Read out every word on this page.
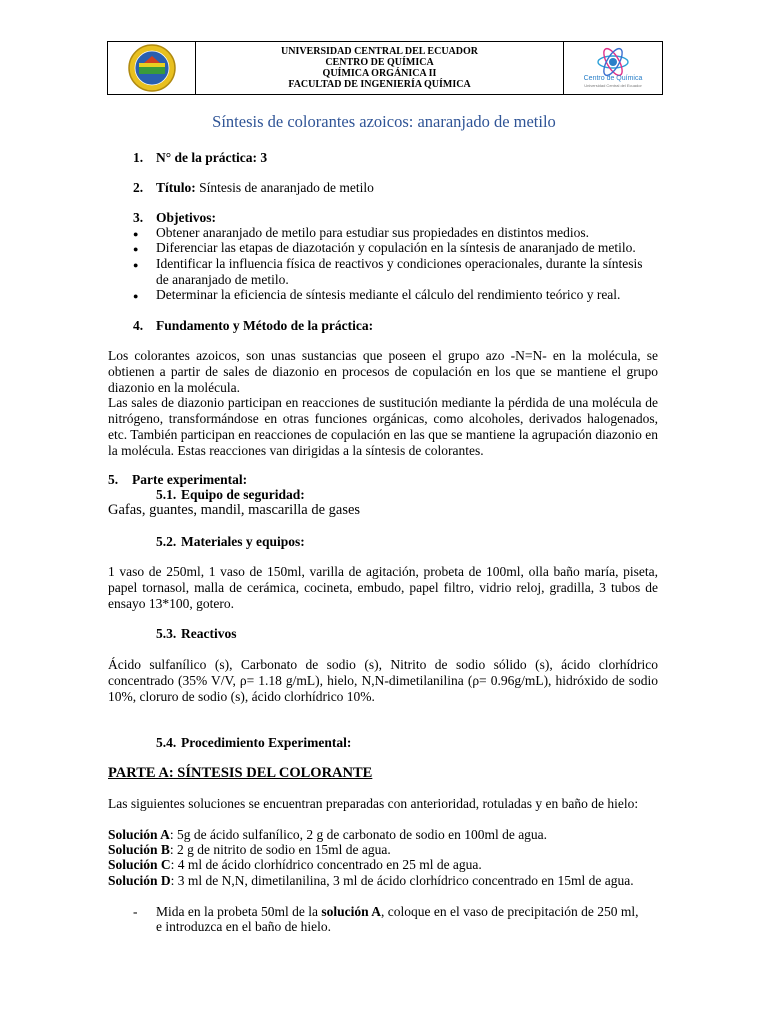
UNIVERSIDAD CENTRAL DEL ECUADOR
CENTRO DE QUÍMICA
QUÍMICA ORGÁNICA II
FACULTAD DE INGENIERÍA QUÍMICA
Centro de Química
Universidad Central del Ecuador
Síntesis de colorantes azoicos: anaranjado de metilo
1. N° de la práctica: 3
2. Título: Síntesis de anaranjado de metilo
3. Objetivos:
● Obtener anaranjado de metilo para estudiar sus propiedades en distintos medios.
● Diferenciar las etapas de diazotación y copulación en la síntesis de anaranjado de metilo.
● Identificar la influencia física de reactivos y condiciones operacionales, durante la síntesis
de anaranjado de metilo.
● Determinar la eficiencia de síntesis mediante el cálculo del rendimiento teórico y real.
4. Fundamento y Método de la práctica:
Los colorantes azoicos, son unas sustancias que poseen el grupo azo -N=N- en la molécula, se obtienen a partir de sales de diazonio en procesos de copulación en los que se mantiene el grupo diazonio en la molécula.
Las sales de diazonio participan en reacciones de sustitución mediante la pérdida de una molécula de nitrógeno, transformándose en otras funciones orgánicas, como alcoholes, derivados halogenados, etc. También participan en reacciones de copulación en las que se mantiene la agrupación diazonio en la molécula. Estas reacciones van dirigidas a la síntesis de colorantes.
5. Parte experimental:
5.1. Equipo de seguridad:
Gafas, guantes, mandil, mascarilla de gases
5.2. Materiales y equipos:
1 vaso de 250ml, 1 vaso de 150ml, varilla de agitación, probeta de 100ml, olla baño maría, piseta, papel tornasol, malla de cerámica, cocineta, embudo, papel filtro, vidrio reloj, gradilla, 3 tubos de ensayo 13*100, gotero.
5.3. Reactivos
Ácido sulfanílico (s), Carbonato de sodio (s), Nitrito de sodio sólido (s), ácido clorhídrico concentrado (35% V/V, ρ= 1.18 g/mL), hielo, N,N-dimetilanilina (ρ= 0.96g/mL), hidróxido de sodio 10%, cloruro de sodio (s), ácido clorhídrico 10%.
5.4. Procedimiento Experimental:
PARTE A: SÍNTESIS DEL COLORANTE
Las siguientes soluciones se encuentran preparadas con anterioridad, rotuladas y en baño de hielo:
Solución A: 5g de ácido sulfanílico, 2 g de carbonato de sodio en 100ml de agua.
Solución B: 2 g de nitrito de sodio en 15ml de agua.
Solución C: 4 ml de ácido clorhídrico concentrado en 25 ml de agua.
Solución D: 3 ml de N,N, dimetilanilina, 3 ml de ácido clorhídrico concentrado en 15ml de agua.
- Mida en la probeta 50ml de la solución A, coloque en el vaso de precipitación de 250 ml,
e introduzca en el baño de hielo.
